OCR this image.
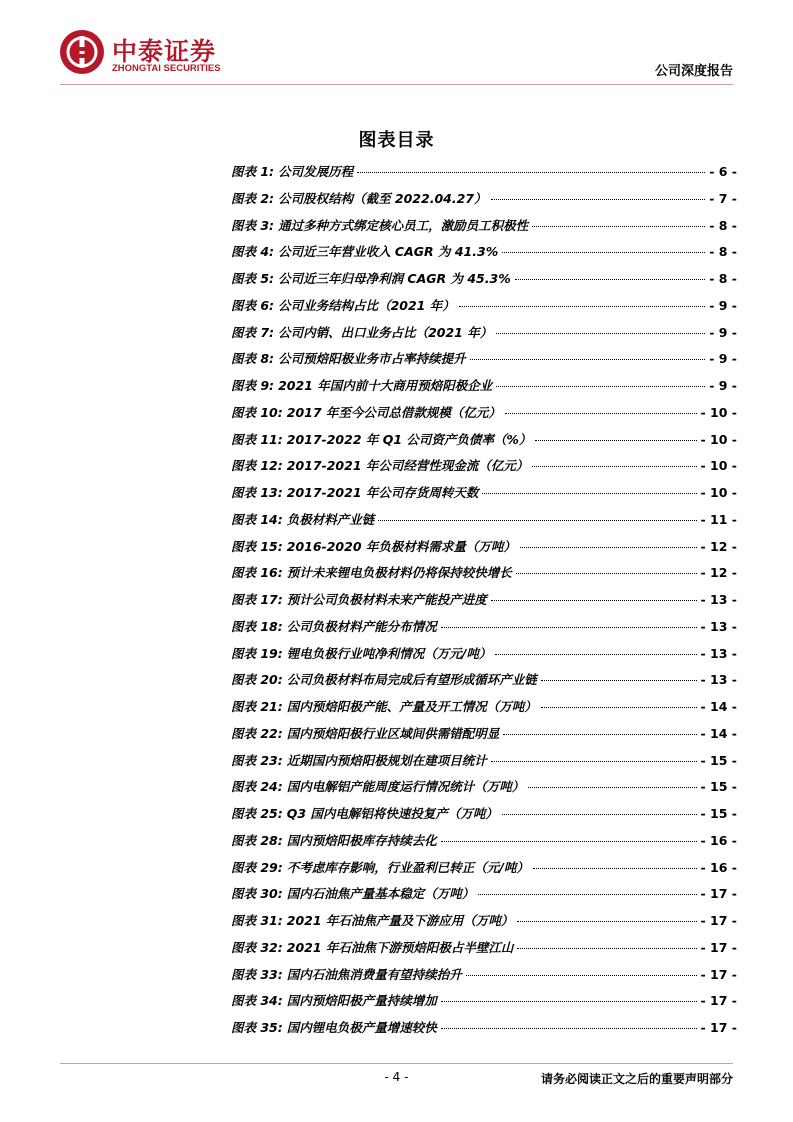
中泰证券
ZHONGTAI SECURITIES	公司深度报告
图表目录
图表 1: 公司发展历程	- 6 -
图表 2: 公司股权结构（截至 2022.04.27）	- 7 -
图表 3: 通过多种方式绑定核心员工，激励员工积极性	- 8 -
图表 4: 公司近三年营业收入 CAGR 为 41.3%	- 8 -
图表 5: 公司近三年归母净利润 CAGR 为 45.3%	- 8 -
图表 6: 公司业务结构占比（2021 年）	- 9 -
图表 7: 公司内销、出口业务占比（2021 年）	- 9 -
图表 8: 公司预焙阳极业务市占率持续提升	- 9 -
图表 9: 2021 年国内前十大商用预焙阳极企业	- 9 -
图表 10: 2017 年至今公司总借款规模（亿元）	- 10 -
图表 11: 2017-2022 年 Q1 公司资产负债率（%）	- 10 -
图表 12: 2017-2021 年公司经营性现金流（亿元）	- 10 -
图表 13: 2017-2021 年公司存货周转天数	- 10 -
图表 14: 负极材料产业链	- 11 -
图表 15: 2016-2020 年负极材料需求量（万吨）	- 12 -
图表 16: 预计未来锂电负极材料仍将保持较快增长	- 12 -
图表 17: 预计公司负极材料未来产能投产进度	- 13 -
图表 18: 公司负极材料产能分布情况	- 13 -
图表 19: 锂电负极行业吨净利情况（万元/吨）	- 13 -
图表 20: 公司负极材料布局完成后有望形成循环产业链	- 13 -
图表 21: 国内预焙阳极产能、产量及开工情况（万吨）	- 14 -
图表 22: 国内预焙阳极行业区域间供需错配明显	- 14 -
图表 23: 近期国内预焙阳极规划在建项目统计	- 15 -
图表 24: 国内电解铝产能周度运行情况统计（万吨）	- 15 -
图表 25: Q3 国内电解铝将快速投复产（万吨）	- 15 -
图表 28: 国内预焙阳极库存持续去化	- 16 -
图表 29: 不考虑库存影响，行业盈利已转正（元/吨）	- 16 -
图表 30: 国内石油焦产量基本稳定（万吨）	- 17 -
图表 31: 2021 年石油焦产量及下游应用（万吨）	- 17 -
图表 32: 2021 年石油焦下游预焙阳极占半壁江山	- 17 -
图表 33: 国内石油焦消费量有望持续抬升	- 17 -
图表 34: 国内预焙阳极产量持续增加	- 17 -
图表 35: 国内锂电负极产量增速较快	- 17 -
- 4 -	请务必阅读正文之后的重要声明部分
